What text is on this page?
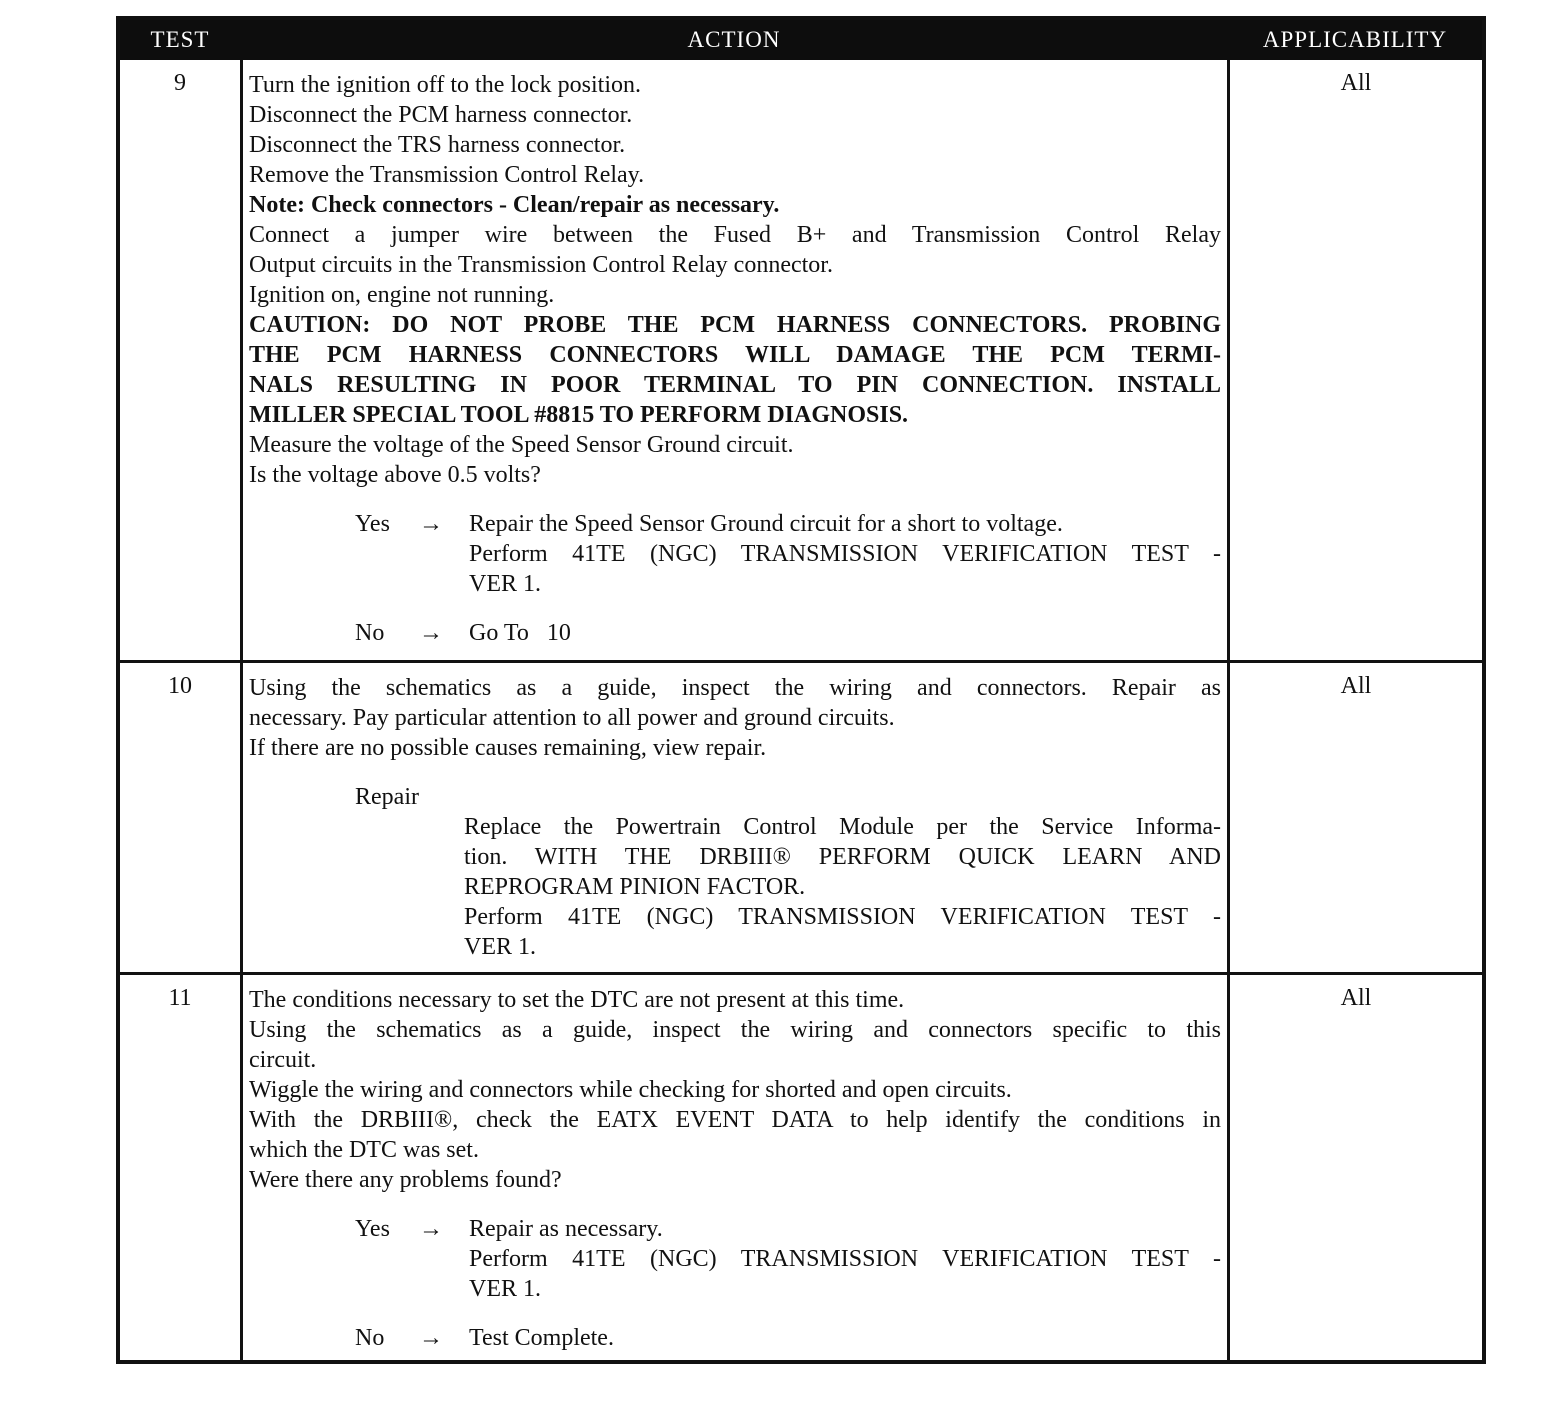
TEST	ACTION	APPLICABILITY
9	Turn the ignition off to the lock position.
Disconnect the PCM harness connector.
Disconnect the TRS harness connector.
Remove the Transmission Control Relay.
Note: Check connectors - Clean/repair as necessary.
Connect a jumper wire between the Fused B+ and Transmission Control Relay
Output circuits in the Transmission Control Relay connector.
Ignition on, engine not running.
CAUTION: DO NOT PROBE THE PCM HARNESS CONNECTORS. PROBING
THE PCM HARNESS CONNECTORS WILL DAMAGE THE PCM TERMI-
NALS RESULTING IN POOR TERMINAL TO PIN CONNECTION. INSTALL
MILLER SPECIAL TOOL #8815 TO PERFORM DIAGNOSIS.
Measure the voltage of the Speed Sensor Ground circuit.
Is the voltage above 0.5 volts?
Yes → Repair the Speed Sensor Ground circuit for a short to voltage.
Perform 41TE (NGC) TRANSMISSION VERIFICATION TEST -
VER 1.
No → Go To   10
All
10	Using the schematics as a guide, inspect the wiring and connectors. Repair as
necessary. Pay particular attention to all power and ground circuits.
If there are no possible causes remaining, view repair.
Repair
Replace the Powertrain Control Module per the Service Informa-
tion. WITH THE DRBIII® PERFORM QUICK LEARN AND
REPROGRAM PINION FACTOR.
Perform 41TE (NGC) TRANSMISSION VERIFICATION TEST -
VER 1.
All
11	The conditions necessary to set the DTC are not present at this time.
Using the schematics as a guide, inspect the wiring and connectors specific to this
circuit.
Wiggle the wiring and connectors while checking for shorted and open circuits.
With the DRBIII®, check the EATX EVENT DATA to help identify the conditions in
which the DTC was set.
Were there any problems found?
Yes → Repair as necessary.
Perform 41TE (NGC) TRANSMISSION VERIFICATION TEST -
VER 1.
No → Test Complete.
All
